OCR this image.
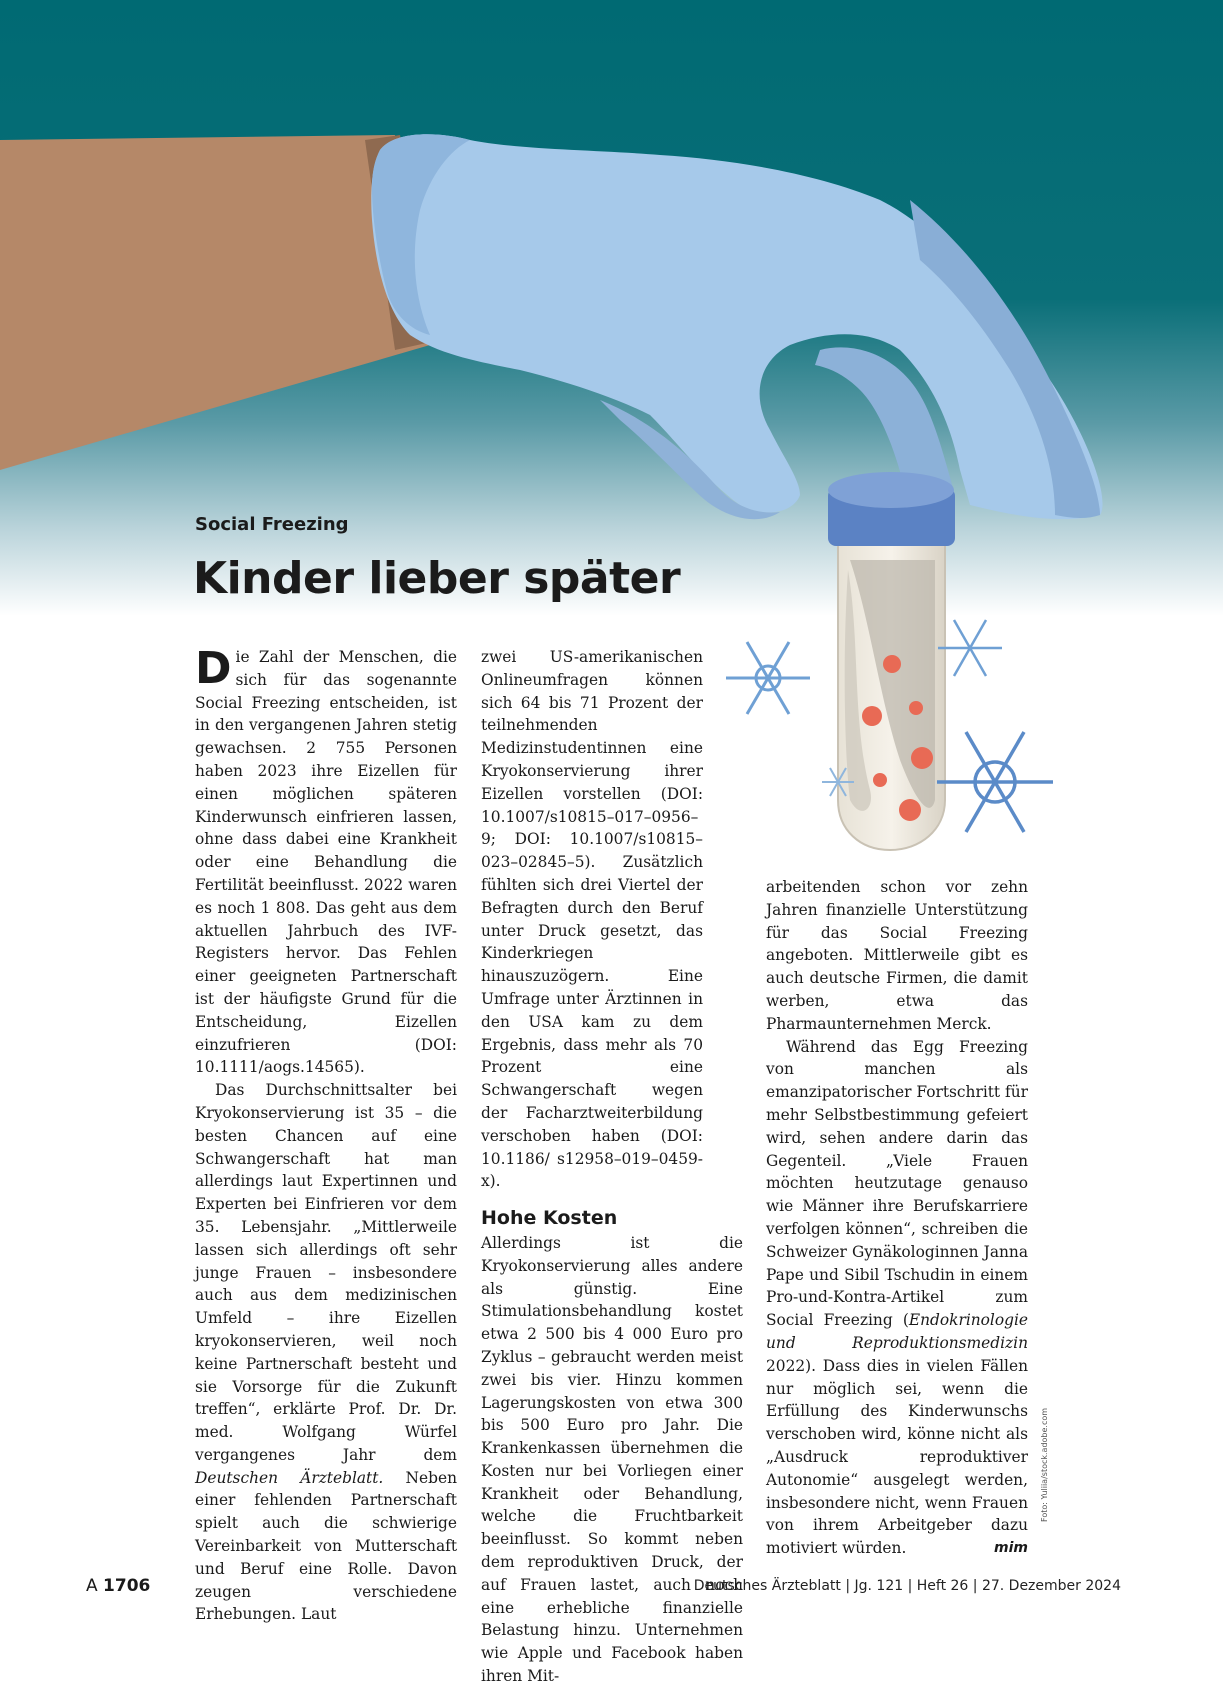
Social Freezing

Kinder lieber später

Die Zahl der Menschen, die sich für das sogenannte Social Freezing entscheiden, ist in den vergangenen Jahren stetig gewachsen. 2 755 Personen haben 2023 ihre Eizellen für einen möglichen späteren Kinderwunsch einfrieren lassen, ohne dass dabei eine Krankheit oder eine Behandlung die Fertilität beeinflusst. 2022 waren es noch 1 808. Das geht aus dem aktuellen Jahrbuch des IVF-Registers hervor. Das Fehlen einer geeigneten Partnerschaft ist der häufigste Grund für die Entscheidung, Eizellen einzufrieren (DOI: 10.1111/aogs.14565).

Das Durchschnittsalter bei Kryokonservierung ist 35 – die besten Chancen auf eine Schwangerschaft hat man allerdings laut Expertinnen und Experten bei Einfrieren vor dem 35. Lebensjahr. „Mittlerweile lassen sich allerdings oft sehr junge Frauen – insbesondere auch aus dem medizinischen Umfeld – ihre Eizellen kryokonservieren, weil noch keine Partnerschaft besteht und sie Vorsorge für die Zukunft treffen“, erklärte Prof. Dr. Dr. med. Wolfgang Würfel vergangenes Jahr dem Deutschen Ärzteblatt. Neben einer fehlenden Partnerschaft spielt auch die schwierige Vereinbarkeit von Mutterschaft und Beruf eine Rolle. Davon zeugen verschiedene Erhebungen. Laut

zwei US-amerikanischen Onlineumfragen können sich 64 bis 71 Prozent der teilnehmenden Medizinstudentinnen eine Kryokonservierung ihrer Eizellen vorstellen (DOI: 10.1007/s10815–017–0956–9; DOI: 10.1007/s10815–023–02845–5). Zusätzlich fühlten sich drei Viertel der Befragten durch den Beruf unter Druck gesetzt, das Kinderkriegen hinauszuzögern. Eine Umfrage unter Ärztinnen in den USA kam zu dem Ergebnis, dass mehr als 70 Prozent eine Schwangerschaft wegen der Facharztweiterbildung verschoben haben (DOI: 10.1186/ s12958–019–0459-x).

Hohe Kosten

Allerdings ist die Kryokonservierung alles andere als günstig. Eine Stimulationsbehandlung kostet etwa 2 500 bis 4 000 Euro pro Zyklus – gebraucht werden meist zwei bis vier. Hinzu kommen Lagerungskosten von etwa 300 bis 500 Euro pro Jahr. Die Krankenkassen übernehmen die Kosten nur bei Vorliegen einer Krankheit oder Behandlung, welche die Fruchtbarkeit beeinflusst. So kommt neben dem reproduktiven Druck, der auf Frauen lastet, auch noch eine erhebliche finanzielle Belastung hinzu. Unternehmen wie Apple und Facebook haben ihren Mit-

arbeitenden schon vor zehn Jahren finanzielle Unterstützung für das Social Freezing angeboten. Mittlerweile gibt es auch deutsche Firmen, die damit werben, etwa das Pharmaunternehmen Merck.

Während das Egg Freezing von manchen als emanzipatorischer Fortschritt für mehr Selbstbestimmung gefeiert wird, sehen andere darin das Gegenteil. „Viele Frauen möchten heutzutage genauso wie Männer ihre Berufskarriere verfolgen können“, schreiben die Schweizer Gynäkologinnen Janna Pape und Sibil Tschudin in einem Pro-und-Kontra-Artikel zum Social Freezing (Endokrinologie und Reproduktionsmedizin 2022). Dass dies in vielen Fällen nur möglich sei, wenn die Erfüllung des Kinderwunschs verschoben wird, könne nicht als „Ausdruck reproduktiver Autonomie“ ausgelegt werden, insbesondere nicht, wenn Frauen von ihrem Arbeitgeber dazu motiviert würden.	mim

Foto: Yuliia/stock.adobe.com

A 1706	Deutsches Ärzteblatt | Jg. 121 | Heft 26 | 27. Dezember 2024
